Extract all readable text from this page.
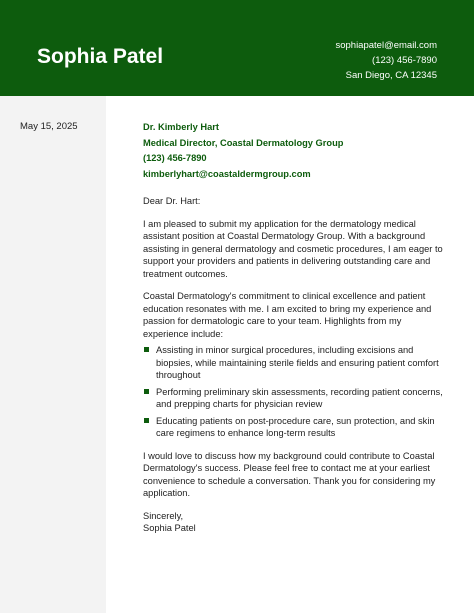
Sophia Patel	sophiapatel@email.com
(123) 456-7890
San Diego, CA 12345
May 15, 2025	Dr. Kimberly Hart
Medical Director, Coastal Dermatology Group
(123) 456-7890
kimberlyhart@coastaldermgroup.com

Dear Dr. Hart:

I am pleased to submit my application for the dermatology medical assistant position at Coastal Dermatology Group. With a background assisting in general dermatology and cosmetic procedures, I am eager to support your providers and patients in delivering outstanding care and treatment outcomes.

Coastal Dermatology's commitment to clinical excellence and patient education resonates with me. I am excited to bring my experience and passion for dermatologic care to your team. Highlights from my experience include:

Assisting in minor surgical procedures, including excisions and biopsies, while maintaining sterile fields and ensuring patient comfort throughout
Performing preliminary skin assessments, recording patient concerns, and prepping charts for physician review
Educating patients on post-procedure care, sun protection, and skin care regimens to enhance long-term results

I would love to discuss how my background could contribute to Coastal Dermatology's success. Please feel free to contact me at your earliest convenience to schedule a conversation. Thank you for considering my application.

Sincerely,
Sophia Patel
